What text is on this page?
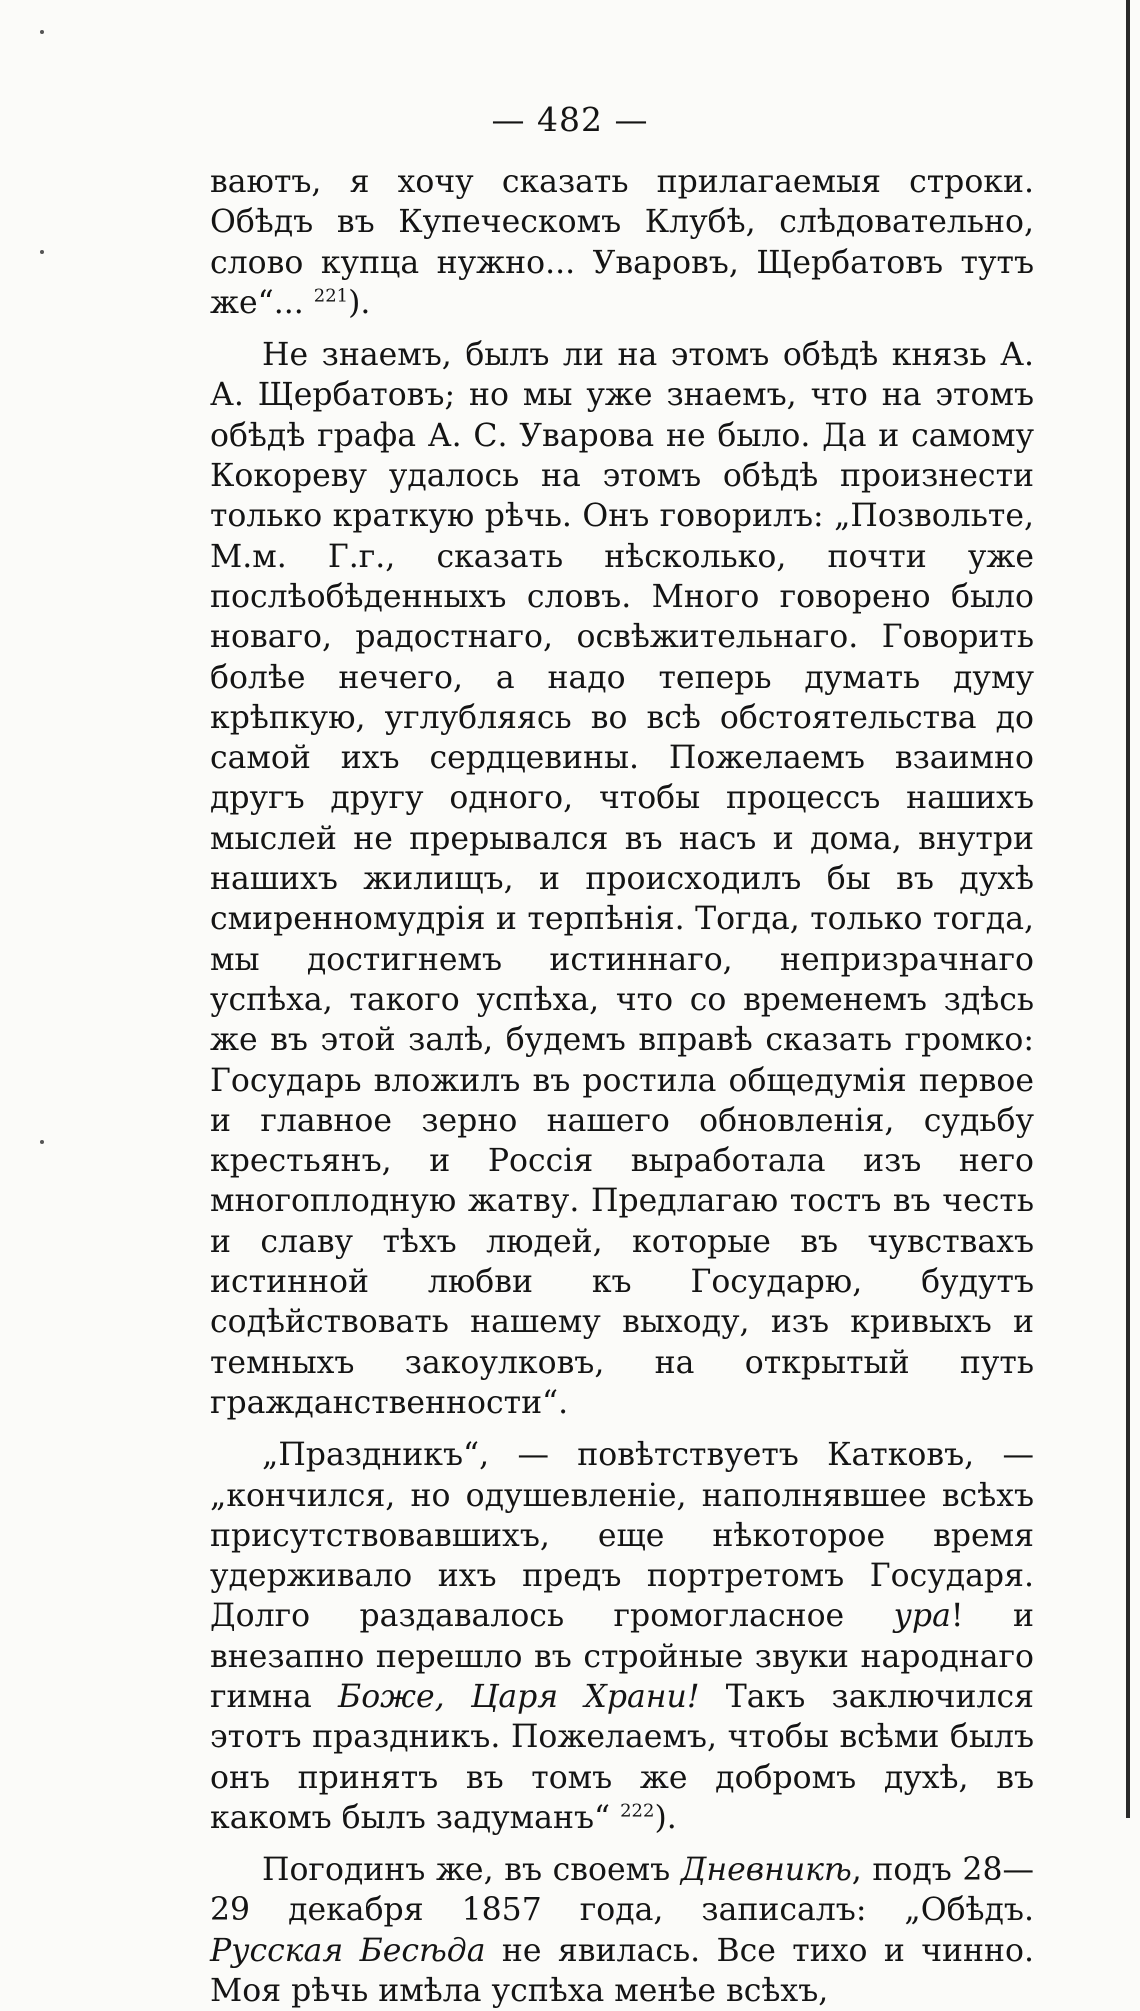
— 482 —

ваютъ, я хочу сказать прилагаемыя строки. Обѣдъ въ Купеческомъ Клубѣ, слѣдовательно, слово купца нужно... Уваровъ, Щербатовъ тутъ же“... $^{221}$).

Не знаемъ, былъ ли на этомъ обѣдѣ князь А. А. Щербатовъ; но мы уже знаемъ, что на этомъ обѣдѣ графа А. С. Уварова не было. Да и самому Кокореву удалось на этомъ обѣдѣ произнести только краткую рѣчь. Онъ говорилъ: „Позвольте, М.м. Г.г., сказать нѣсколько, почти уже послѣобѣденныхъ словъ. Много говорено было новаго, радостнаго, освѣжительнаго. Говорить болѣе нечего, а надо теперь думать думу крѣпкую, углубляясь во всѣ обстоятельства до самой ихъ сердцевины. Пожелаемъ взаимно другъ другу одного, чтобы процессъ нашихъ мыслей не прерывался въ насъ и дома, внутри нашихъ жилищъ, и происходилъ бы въ духѣ смиренномудрія и терпѣнія. Тогда, только тогда, мы достигнемъ истиннаго, непризрачнаго успѣха, такого успѣха, что со временемъ здѣсь же въ этой залѣ, будемъ вправѣ сказать громко: Государь вложилъ въ ростила общедумія первое и главное зерно нашего обновленія, судьбу крестьянъ, и Россія выработала изъ него многоплодную жатву. Предлагаю тостъ въ честь и славу тѣхъ людей, которые въ чувствахъ истинной любви къ Государю, будутъ содѣйствовать нашему выходу, изъ кривыхъ и темныхъ закоулковъ, на открытый путь гражданственности“.

„Праздникъ“, — повѣтствуетъ Катковъ, — „кончился, но одушевленіе, наполнявшее всѣхъ присутствовавшихъ, еще нѣкоторое время удерживало ихъ предъ портретомъ Государя. Долго раздавалось громогласное ура! и внезапно перешло въ стройные звуки народнаго гимна Боже, Царя Храни! Такъ заключился этотъ праздникъ. Пожелаемъ, чтобы всѣми былъ онъ принятъ въ томъ же добромъ духѣ, въ какомъ былъ задуманъ“ $^{222}$).

Погодинъ же, въ своемъ Дневникѣ, подъ 28—29 декабря 1857 года, записалъ: „Обѣдъ. Русская Бесѣда не явилась. Все тихо и чинно. Моя рѣчь имѣла успѣха менѣе всѣхъ,
